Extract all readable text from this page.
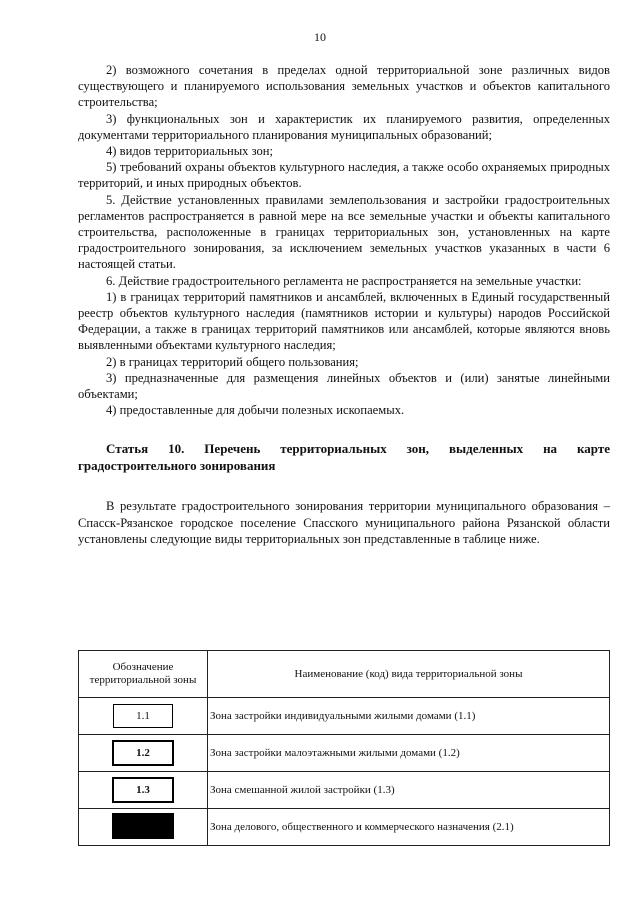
10

2) возможного сочетания в пределах одной территориальной зоне различных видов существующего и планируемого использования земельных участков и объектов капитального строительства;

3) функциональных зон и характеристик их планируемого развития, определенных документами территориального планирования муниципальных образований;

4) видов территориальных зон;

5) требований охраны объектов культурного наследия, а также особо охраняемых природных территорий, и иных природных объектов.

5. Действие установленных правилами землепользования и застройки градостроительных регламентов распространяется в равной мере на все земельные участки и объекты капитального строительства, расположенные в границах территориальных зон, установленных на карте градостроительного зонирования, за исключением земельных участков указанных в части 6 настоящей статьи.

6. Действие градостроительного регламента не распространяется на земельные участки:

1) в границах территорий памятников и ансамблей, включенных в Единый государственный реестр объектов культурного наследия (памятников истории и культуры) народов Российской Федерации, а также в границах территорий памятников или ансамблей, которые являются вновь выявленными объектами культурного наследия;

2) в границах территорий общего пользования;

3) предназначенные для размещения линейных объектов и (или) занятые линейными объектами;

4) предоставленные для добычи полезных ископаемых.

Статья 10. Перечень территориальных зон, выделенных на карте градостроительного зонирования

В результате градостроительного зонирования территории муниципального образования – Спасск-Рязанское городское поселение Спасского муниципального района Рязанской области установлены следующие виды территориальных зон представленные в таблице ниже.

Обозначение территориальной зоны	Наименование (код) вида территориальной зоны
1.1	Зона застройки индивидуальными жилыми домами (1.1)
1.2	Зона застройки малоэтажными жилыми домами (1.2)
1.3	Зона смешанной жилой застройки (1.3)
	Зона делового, общественного и коммерческого назначения (2.1)
